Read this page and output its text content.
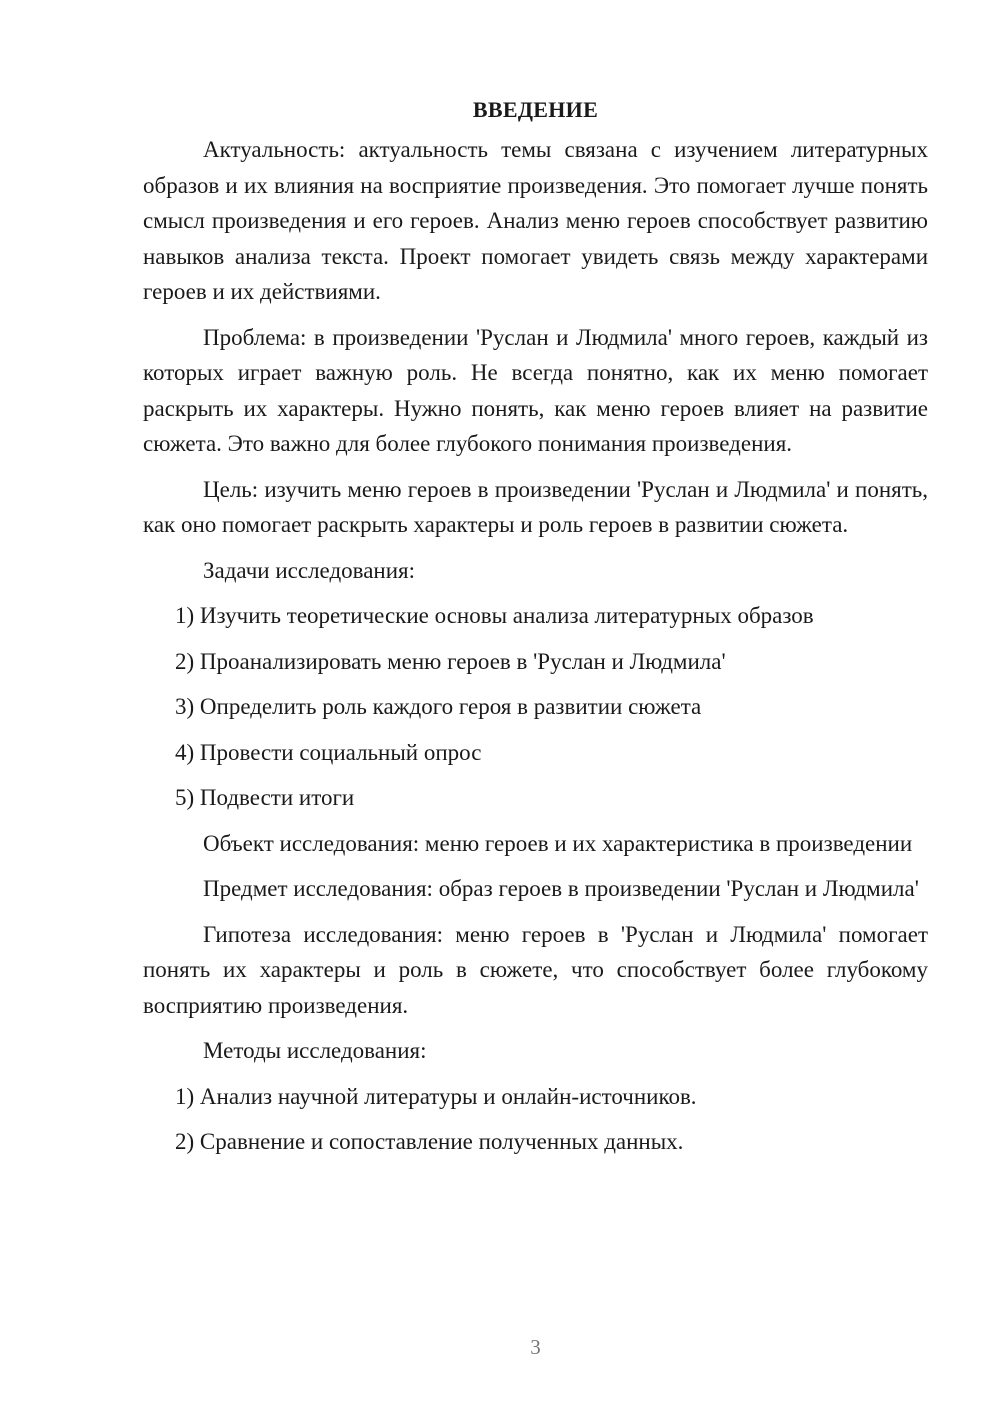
ВВЕДЕНИЕ

Актуальность: актуальность темы связана с изучением литературных образов и их влияния на восприятие произведения. Это помогает лучше понять смысл произведения и его героев. Анализ меню героев способствует развитию навыков анализа текста. Проект помогает увидеть связь между характерами героев и их действиями.

Проблема: в произведении 'Руслан и Людмила' много героев, каждый из которых играет важную роль. Не всегда понятно, как их меню помогает раскрыть их характеры. Нужно понять, как меню героев влияет на развитие сюжета. Это важно для более глубокого понимания произведения.

Цель: изучить меню героев в произведении 'Руслан и Людмила' и понять, как оно помогает раскрыть характеры и роль героев в развитии сюжета.

Задачи исследования:

1) Изучить теоретические основы анализа литературных образов

2) Проанализировать меню героев в 'Руслан и Людмила'

3) Определить роль каждого героя в развитии сюжета

4) Провести социальный опрос

5) Подвести итоги

Объект исследования: меню героев и их характеристика в произведении

Предмет исследования: образ героев в произведении 'Руслан и Людмила'

Гипотеза исследования: меню героев в 'Руслан и Людмила' помогает понять их характеры и роль в сюжете, что способствует более глубокому восприятию произведения.

Методы исследования:

1) Анализ научной литературы и онлайн-источников.

2) Сравнение и сопоставление полученных данных.

3
